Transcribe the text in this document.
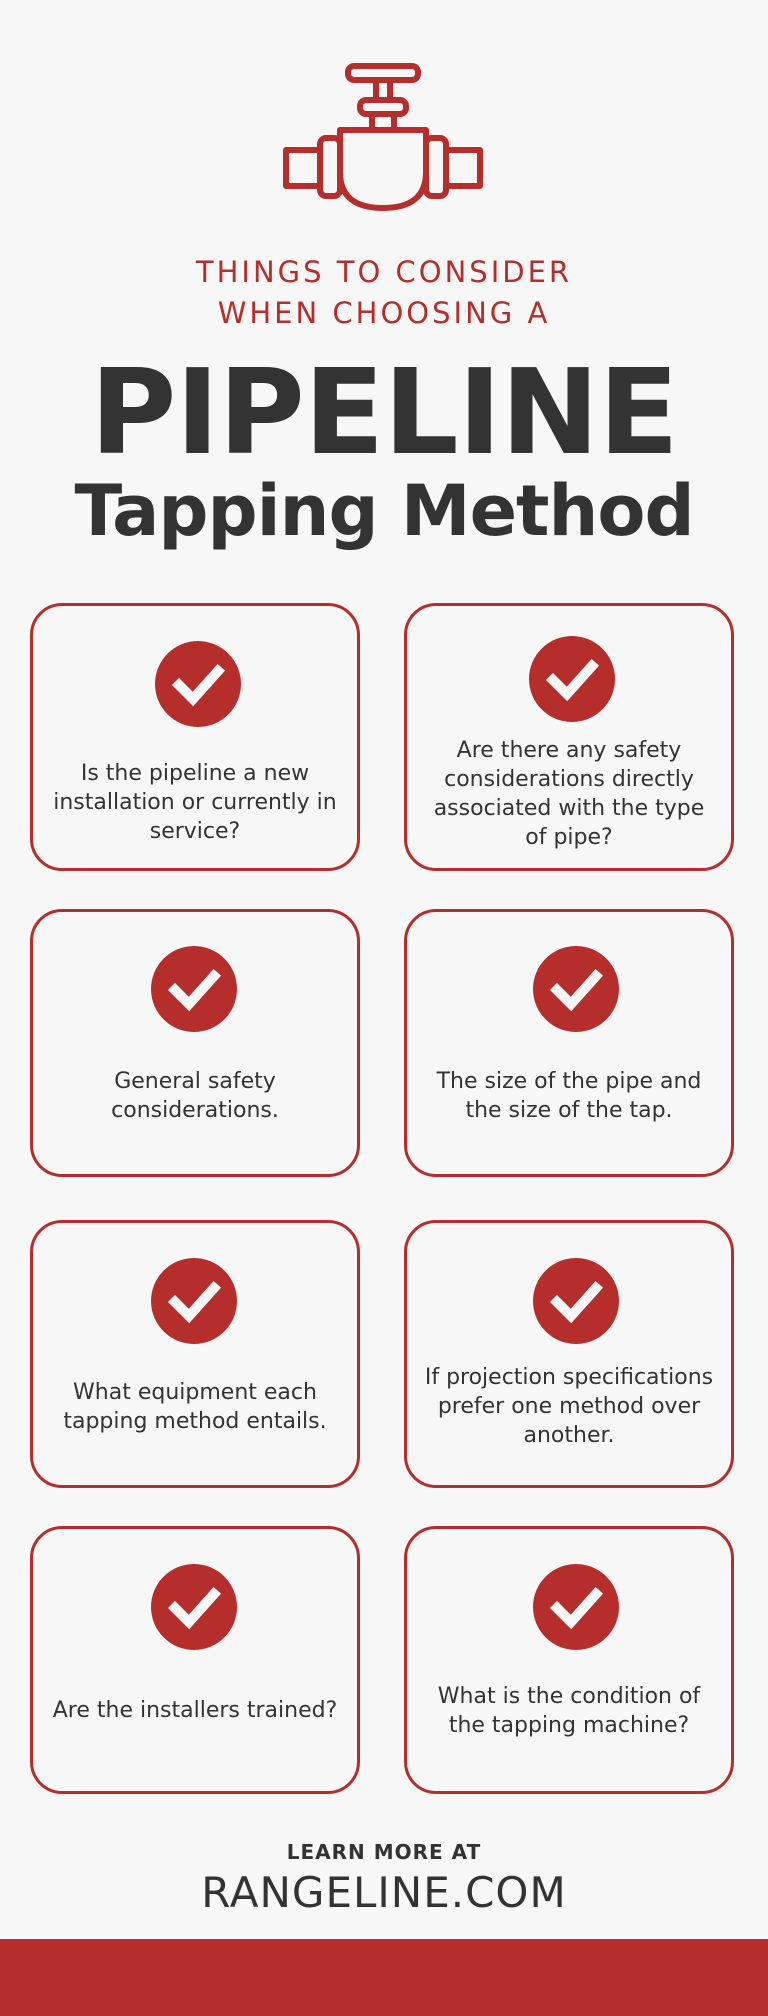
THINGS TO CONSIDER
WHEN CHOOSING A
PIPELINE
Tapping Method
Is the pipeline a new installation or currently in service?
Are there any safety considerations directly associated with the type of pipe?
General safety considerations.
The size of the pipe and the size of the tap.
What equipment each tapping method entails.
If projection specifications prefer one method over another.
Are the installers trained?
What is the condition of the tapping machine?
LEARN MORE AT
RANGELINE.COM
